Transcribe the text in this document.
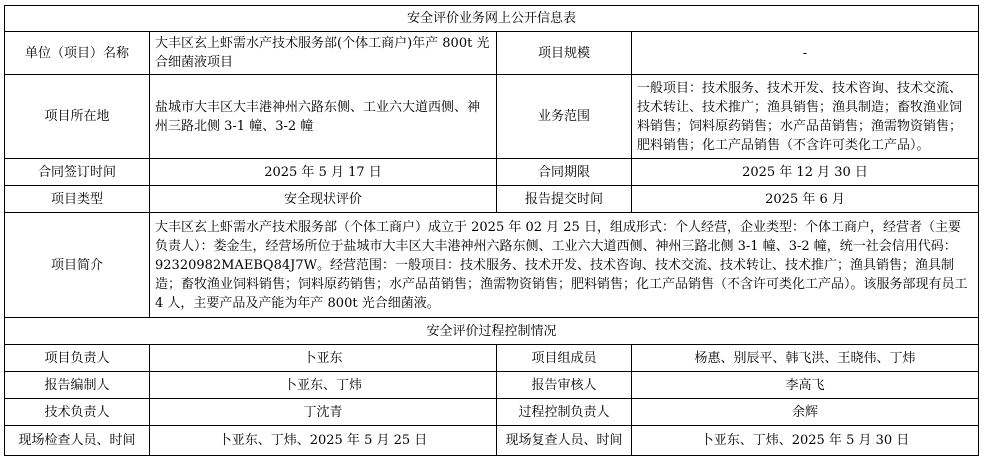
安全评价业务网上公开信息表			
单位（项目）名称	大丰区玄上虾需水产技术服务部(个体工商户)年产 800t 光合细菌液项目	项目规模	-
项目所在地	盐城市大丰区大丰港神州六路东侧、工业六大道西侧、神州三路北侧 3-1 幢、3-2 幢	业务范围	一般项目：技术服务、技术开发、技术咨询、技术交流、技术转让、技术推广；渔具销售；渔具制造；畜牧渔业饲料销售；饲料原药销售；水产品苗销售；渔需物资销售；肥料销售；化工产品销售（不含许可类化工产品）。
合同签订时间	2025 年 5 月 17 日	合同期限	2025 年 12 月 30 日
项目类型	安全现状评价	报告提交时间	2025 年 6 月
项目简介	大丰区玄上虾需水产技术服务部（个体工商户）成立于 2025 年 02 月 25 日，组成形式：个人经营，企业类型：个体工商户，经营者（主要负责人）：娄金生，经营场所位于盐城市大丰区大丰港神州六路东侧、工业六大道西侧、神州三路北侧 3-1 幢、3-2 幢，统一社会信用代码：92320982MAEBQ84J7W。经营范围：一般项目：技术服务、技术开发、技术咨询、技术交流、技术转让、技术推广；渔具销售；渔具制造；畜牧渔业饲料销售；饲料原药销售；水产品苗销售；渔需物资销售；肥料销售；化工产品销售（不含许可类化工产品）。该服务部现有员工 4 人，主要产品及产能为年产 800t 光合细菌液。		
安全评价过程控制情况			
项目负责人	卜亚东	项目组成员	杨惠、别辰平、韩飞洪、王晓伟、丁炜
报告编制人	卜亚东、丁炜	报告审核人	李高飞
技术负责人	丁沈青	过程控制负责人	余辉
现场检查人员、时间	卜亚东、丁炜、2025 年 5 月 25 日	现场复查人员、时间	卜亚东、丁炜、2025 年 5 月 30 日
